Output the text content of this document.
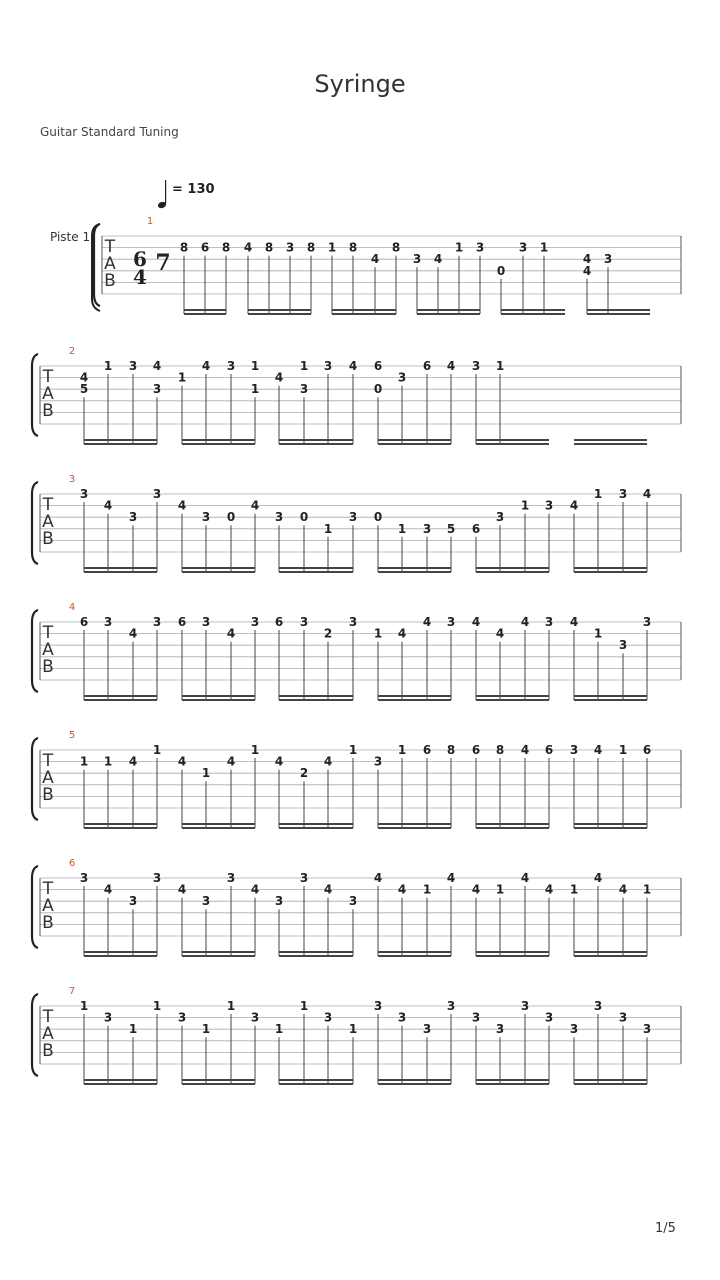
Syringe
Guitar Standard Tuning
1/5
= 130
T
A
B
1
Piste 1
6
4
7
8 6 8 4 8 3 8 1 8
4
8
3 4
1 3
0
3 1
4
4
3
T
A
B
2
4
5
1 3 4
3
1
4 3 1
1
4
1
3
3 4 6
0
3
6 4 3 1
T
A
B
3
3
4
3
3
4
3 0
4
3 0
1
3 0
1 3 5 6
3
1 3 4
1 3 4
T
A
B
4
6 3
4
3 6 3
4
3 6 3
2
3
1 4
4 3 4
4
4 3 4
1
3
3
T
A
B
5
1 1 4
1
4
1
4
1
4
2
4
1
3
1 6 8 6 8 4 6 3 4 1 6
T
A
B
6
3
4
3
3
4
3
3
4
3
3
4
3
4
4 1
4
4 1
4
4 1
4
4 1
T
A
B
7
1
3
1
1
3
1
1
3
1
1
3
1
3
3
3
3
3
3
3
3
3
3
3
3
